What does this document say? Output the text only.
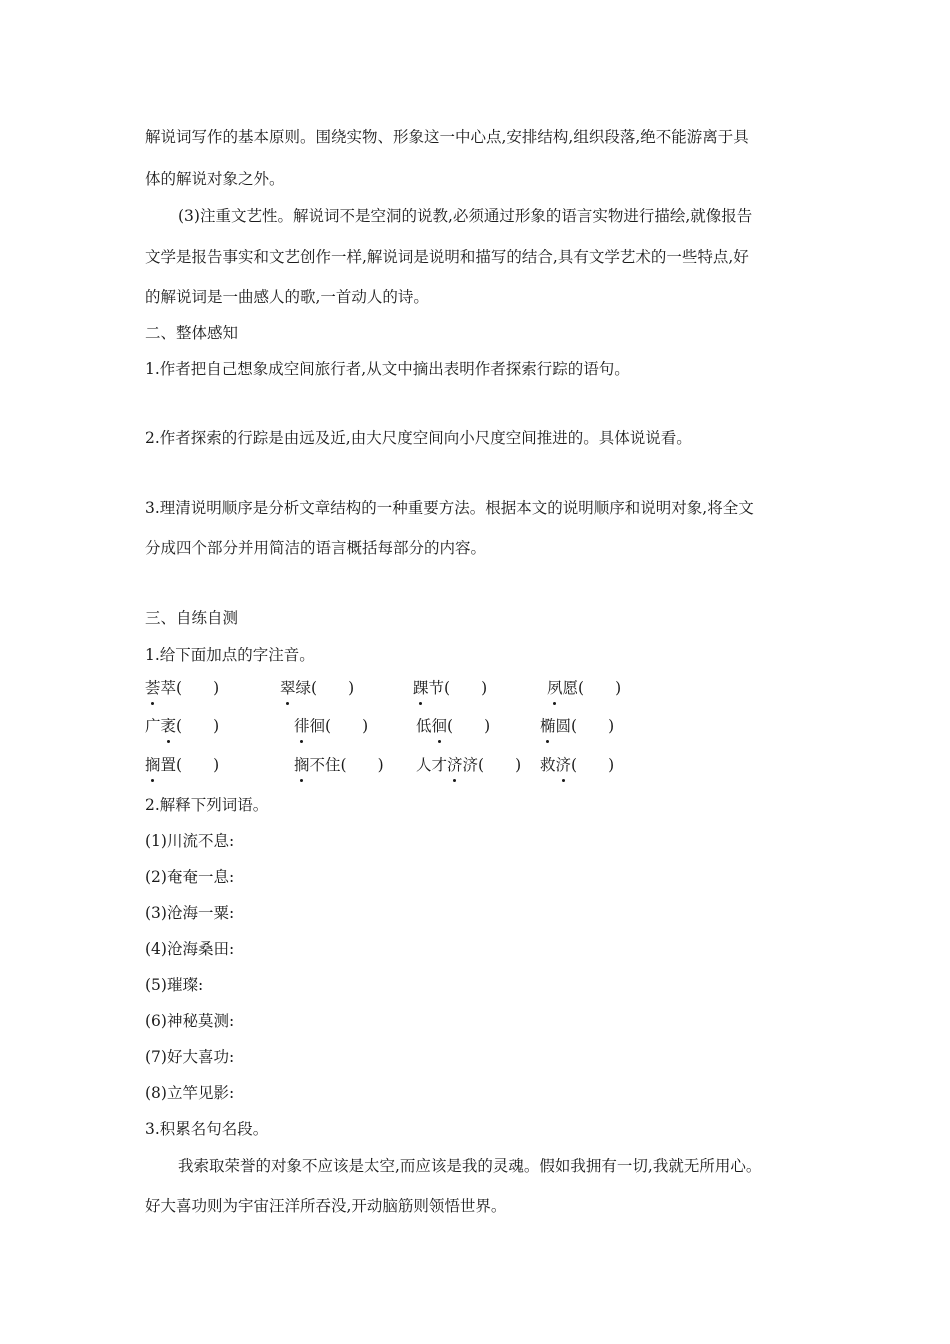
解说词写作的基本原则。围绕实物、形象这一中心点,安排结构,组织段落,绝不能游离于具
体的解说对象之外。
(3)注重文艺性。解说词不是空洞的说教,必须通过形象的语言实物进行描绘,就像报告
文学是报告事实和文艺创作一样,解说词是说明和描写的结合,具有文学艺术的一些特点,好
的解说词是一曲感人的歌,一首动人的诗。
二、整体感知
1.作者把自己想象成空间旅行者,从文中摘出表明作者探索行踪的语句。
2.作者探索的行踪是由远及近,由大尺度空间向小尺度空间推进的。具体说说看。
3.理清说明顺序是分析文章结构的一种重要方法。根据本文的说明顺序和说明对象,将全文
分成四个部分并用简洁的语言概括每部分的内容。
三、自练自测
1.给下面加点的字注音。
荟萃(　　)	翠绿(　　)	踝节(　　)	夙愿(　　)
广袤(　　)	徘徊(　　)	低徊(　　)	椭圆(　　)
搁置(　　)	搁不住(　　) 人才济济(　　) 救济(　　)
2.解释下列词语。
(1)川流不息:
(2)奄奄一息:
(3)沧海一粟:
(4)沧海桑田:
(5)璀璨:
(6)神秘莫测:
(7)好大喜功:
(8)立竿见影:
3.积累名句名段。
我索取荣誉的对象不应该是太空,而应该是我的灵魂。假如我拥有一切,我就无所用心。
好大喜功则为宇宙汪洋所吞没,开动脑筋则领悟世界。
